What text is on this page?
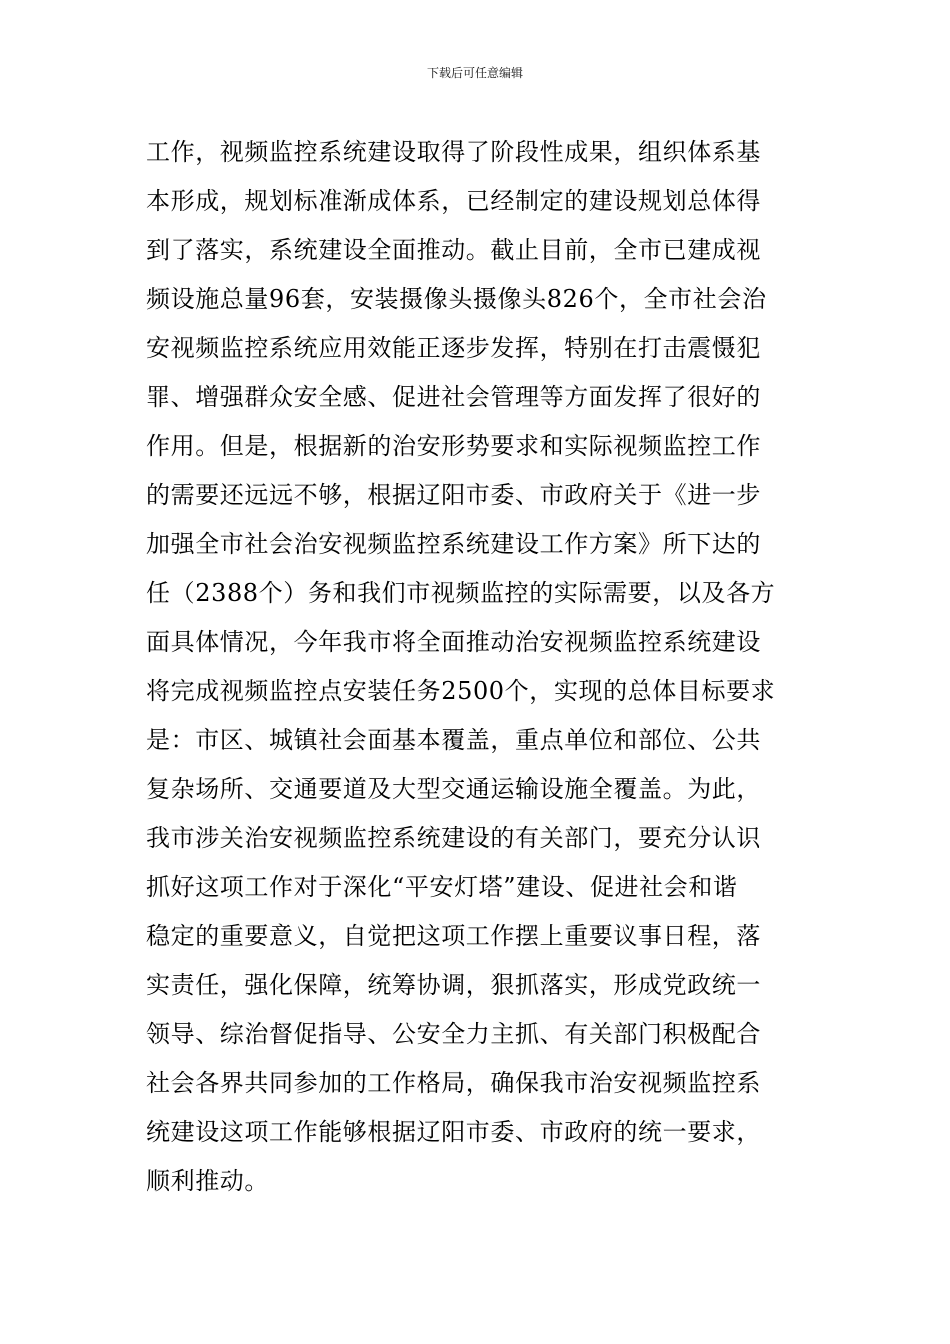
下载后可任意编辑
工作，视频监控系统建设取得了阶段性成果，组织体系基
本形成，规划标准渐成体系，已经制定的建设规划总体得
到了落实，系统建设全面推动。截止目前，全市已建成视
频设施总量96套，安装摄像头摄像头826个，全市社会治
安视频监控系统应用效能正逐步发挥，特别在打击震慑犯
罪、增强群众安全感、促进社会管理等方面发挥了很好的
作用。但是，根据新的治安形势要求和实际视频监控工作
的需要还远远不够，根据辽阳市委、市政府关于《进一步
加强全市社会治安视频监控系统建设工作方案》所下达的
任（2388个）务和我们市视频监控的实际需要，以及各方
面具体情况，今年我市将全面推动治安视频监控系统建设
将完成视频监控点安装任务2500个，实现的总体目标要求
是：市区、城镇社会面基本覆盖，重点单位和部位、公共
复杂场所、交通要道及大型交通运输设施全覆盖。为此，
我市涉关治安视频监控系统建设的有关部门，要充分认识
抓好这项工作对于深化“平安灯塔”建设、促进社会和谐
稳定的重要意义，自觉把这项工作摆上重要议事日程，落
实责任，强化保障，统筹协调，狠抓落实，形成党政统一
领导、综治督促指导、公安全力主抓、有关部门积极配合
社会各界共同参加的工作格局，确保我市治安视频监控系
统建设这项工作能够根据辽阳市委、市政府的统一要求，
顺利推动。
